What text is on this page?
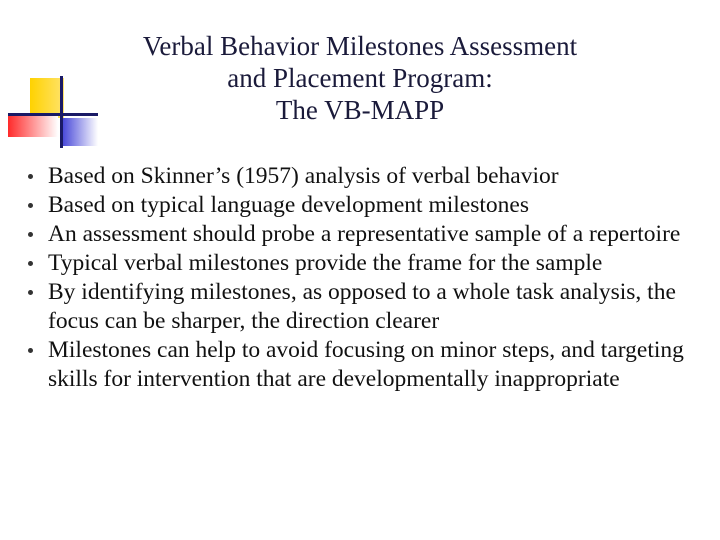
Verbal Behavior Milestones Assessment
and Placement Program:
The VB-MAPP
Based on Skinner’s (1957) analysis of verbal behavior
Based on typical language development milestones
An assessment should probe a representative sample of a repertoire
Typical verbal milestones provide the frame for the sample
By identifying milestones, as opposed to a whole task analysis, the focus can be sharper, the direction clearer
Milestones can help to avoid focusing on minor steps, and targeting skills for intervention that are developmentally inappropriate
